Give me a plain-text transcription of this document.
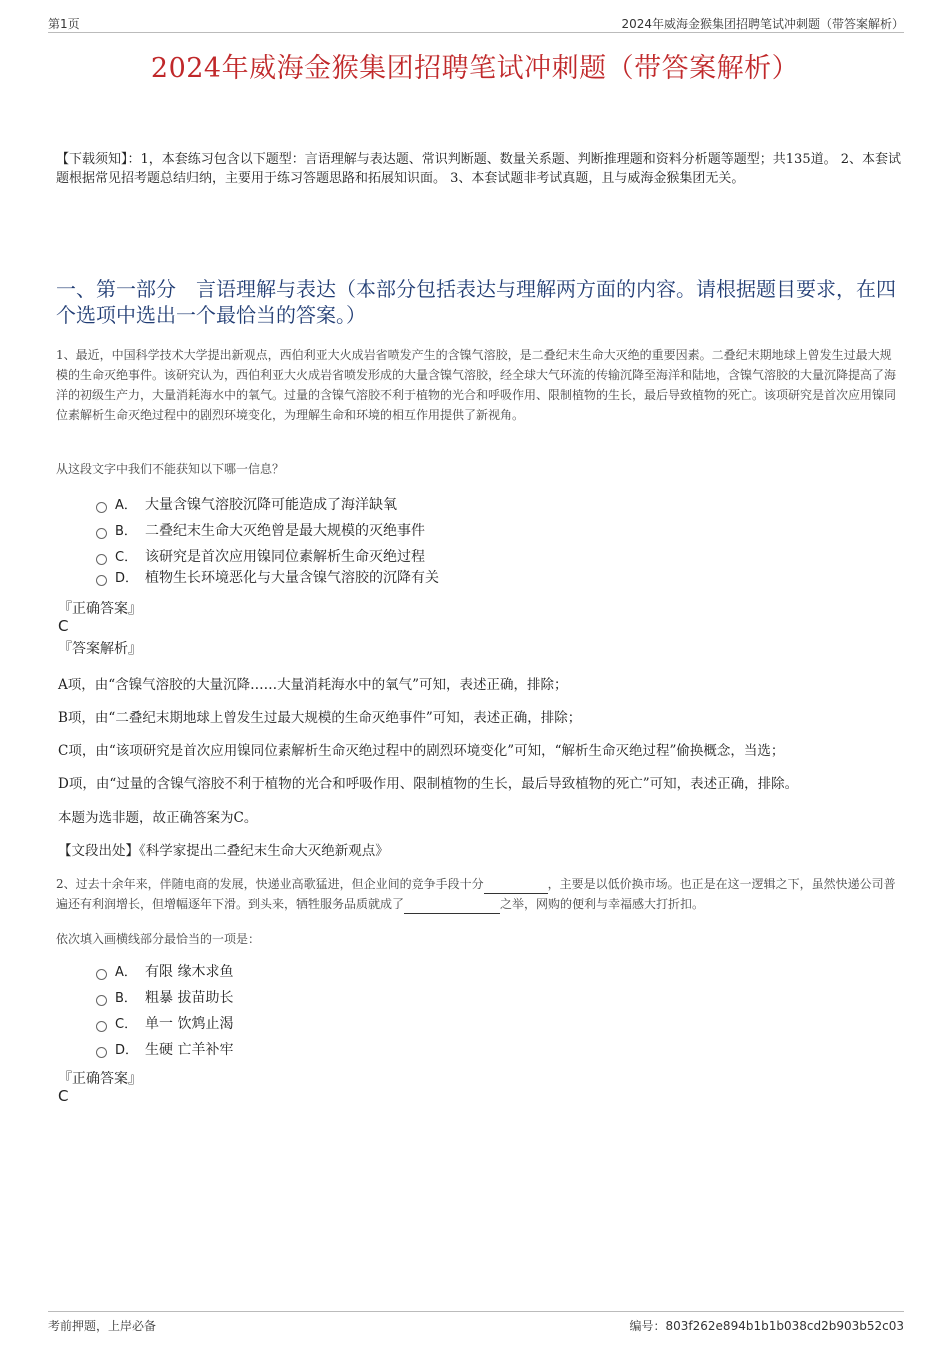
第1页	2024年威海金猴集团招聘笔试冲刺题（带答案解析）
2024年威海金猴集团招聘笔试冲刺题（带答案解析）
【下载须知】：1，本套练习包含以下题型：言语理解与表达题、常识判断题、数量关系题、判断推理题和资料分析题等题型；共135道。 2、本套试题根据常见招考题总结归纳，主要用于练习答题思路和拓展知识面。 3、本套试题非考试真题，且与威海金猴集团无关。
一、第一部分　言语理解与表达（本部分包括表达与理解两方面的内容。请根据题目要求，在四个选项中选出一个最恰当的答案。）
1、最近，中国科学技术大学提出新观点，西伯利亚大火成岩省喷发产生的含镍气溶胶，是二叠纪末生命大灭绝的重要因素。二叠纪末期地球上曾发生过最大规模的生命灭绝事件。该研究认为，西伯利亚大火成岩省喷发形成的大量含镍气溶胶，经全球大气环流的传输沉降至海洋和陆地，含镍气溶胶的大量沉降提高了海洋的初级生产力，大量消耗海水中的氧气。过量的含镍气溶胶不利于植物的光合和呼吸作用、限制植物的生长，最后导致植物的死亡。该项研究是首次应用镍同位素解析生命灭绝过程中的剧烈环境变化，为理解生命和环境的相互作用提供了新视角。
从这段文字中我们不能获知以下哪一信息？
A． 大量含镍气溶胶沉降可能造成了海洋缺氧
B． 二叠纪末生命大灭绝曾是最大规模的灭绝事件
C． 该研究是首次应用镍同位素解析生命灭绝过程
D． 植物生长环境恶化与大量含镍气溶胶的沉降有关
『正确答案』
C
『答案解析』
A项，由“含镍气溶胶的大量沉降……大量消耗海水中的氧气”可知，表述正确，排除；
B项，由“二叠纪末期地球上曾发生过最大规模的生命灭绝事件”可知，表述正确，排除；
C项，由“该项研究是首次应用镍同位素解析生命灭绝过程中的剧烈环境变化”可知，“解析生命灭绝过程”偷换概念，当选；
D项，由“过量的含镍气溶胶不利于植物的光合和呼吸作用、限制植物的生长，最后导致植物的死亡”可知，表述正确，排除。
本题为选非题，故正确答案为C。
【文段出处】《科学家提出二叠纪末生命大灭绝新观点》
2、过去十余年来，伴随电商的发展，快递业高歌猛进，但企业间的竞争手段十分	，主要是以低价换市场。也正是在这一逻辑之下，虽然快递公司普遍还有利润增长，但增幅逐年下滑。到头来，牺牲服务品质就成了	之举，网购的便利与幸福感大打折扣。
依次填入画横线部分最恰当的一项是：
A． 有限 缘木求鱼
B． 粗暴 拔苗助长
C． 单一 饮鸩止渴
D． 生硬 亡羊补牢
『正确答案』
C
考前押题，上岸必备	编号：803f262e894b1b1b038cd2b903b52c03
